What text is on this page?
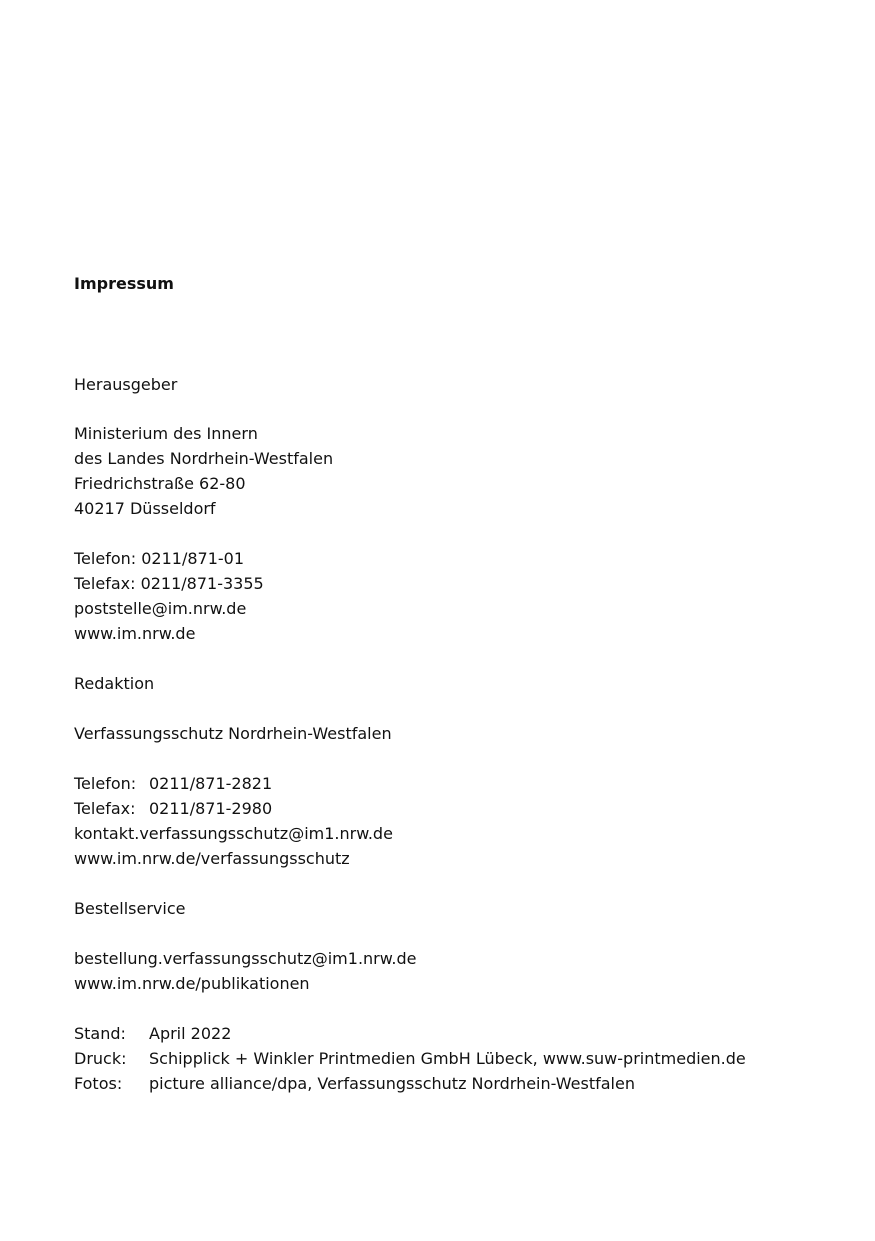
Impressum
Herausgeber
Ministerium des Innern
des Landes Nordrhein-Westfalen
Friedrichstraße 62-80
40217 Düsseldorf
Telefon: 0211/871-01
Telefax: 0211/871-3355
poststelle@im.nrw.de
www.im.nrw.de
Redaktion
Verfassungsschutz Nordrhein-Westfalen
Telefon: 0211/871-2821
Telefax: 0211/871-2980
kontakt.verfassungsschutz@im1.nrw.de
www.im.nrw.de/verfassungsschutz
Bestellservice
bestellung.verfassungsschutz@im1.nrw.de
www.im.nrw.de/publikationen
Stand: April 2022
Druck: Schipplick + Winkler Printmedien GmbH Lübeck, www.suw-printmedien.de
Fotos: picture alliance/dpa, Verfassungsschutz Nordrhein-Westfalen
